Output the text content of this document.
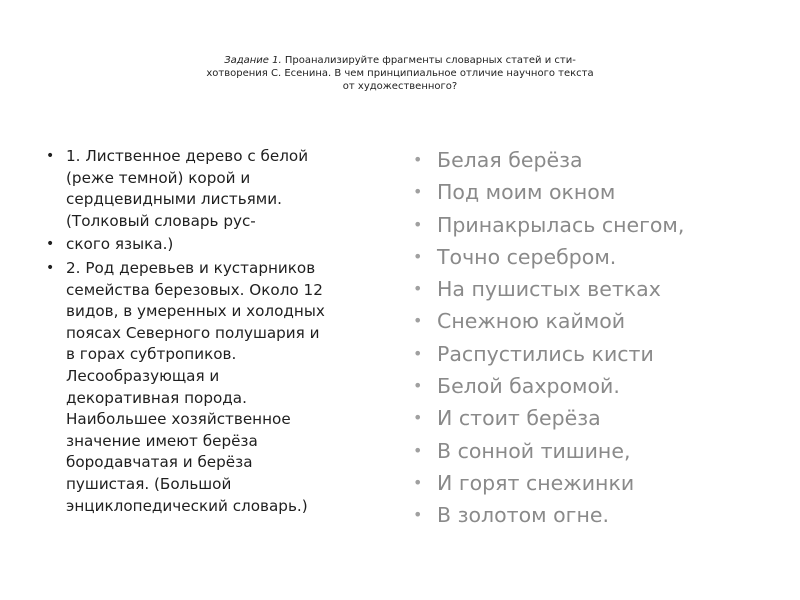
Задание 1. Проанализируйте фрагменты словарных статей и сти-
хотворения С. Есенина. В чем принципиальное отличие научного текста
от художественного?
• 1. Лиственное дерево с белой
(реже темной) корой и
сердцевидными листьями.
(Толковый словарь рус-
• ского языка.)
• 2. Род деревьев и кустарников
семейства березовых. Около 12
видов, в умеренных и холодных
поясах Северного полушария и
в горах субтропиков.
Лесообразующая и
декоративная порода.
Наибольшее хозяйственное
значение имеют берёза
бородавчатая и берёза
пушистая. (Большой
энциклопедический словарь.)
• Белая берёза
• Под моим окном
• Принакрылась снегом,
• Точно серебром.
• На пушистых ветках
• Снежною каймой
• Распустились кисти
• Белой бахромой.
• И стоит берёза
• В сонной тишине,
• И горят снежинки
• В золотом огне.
